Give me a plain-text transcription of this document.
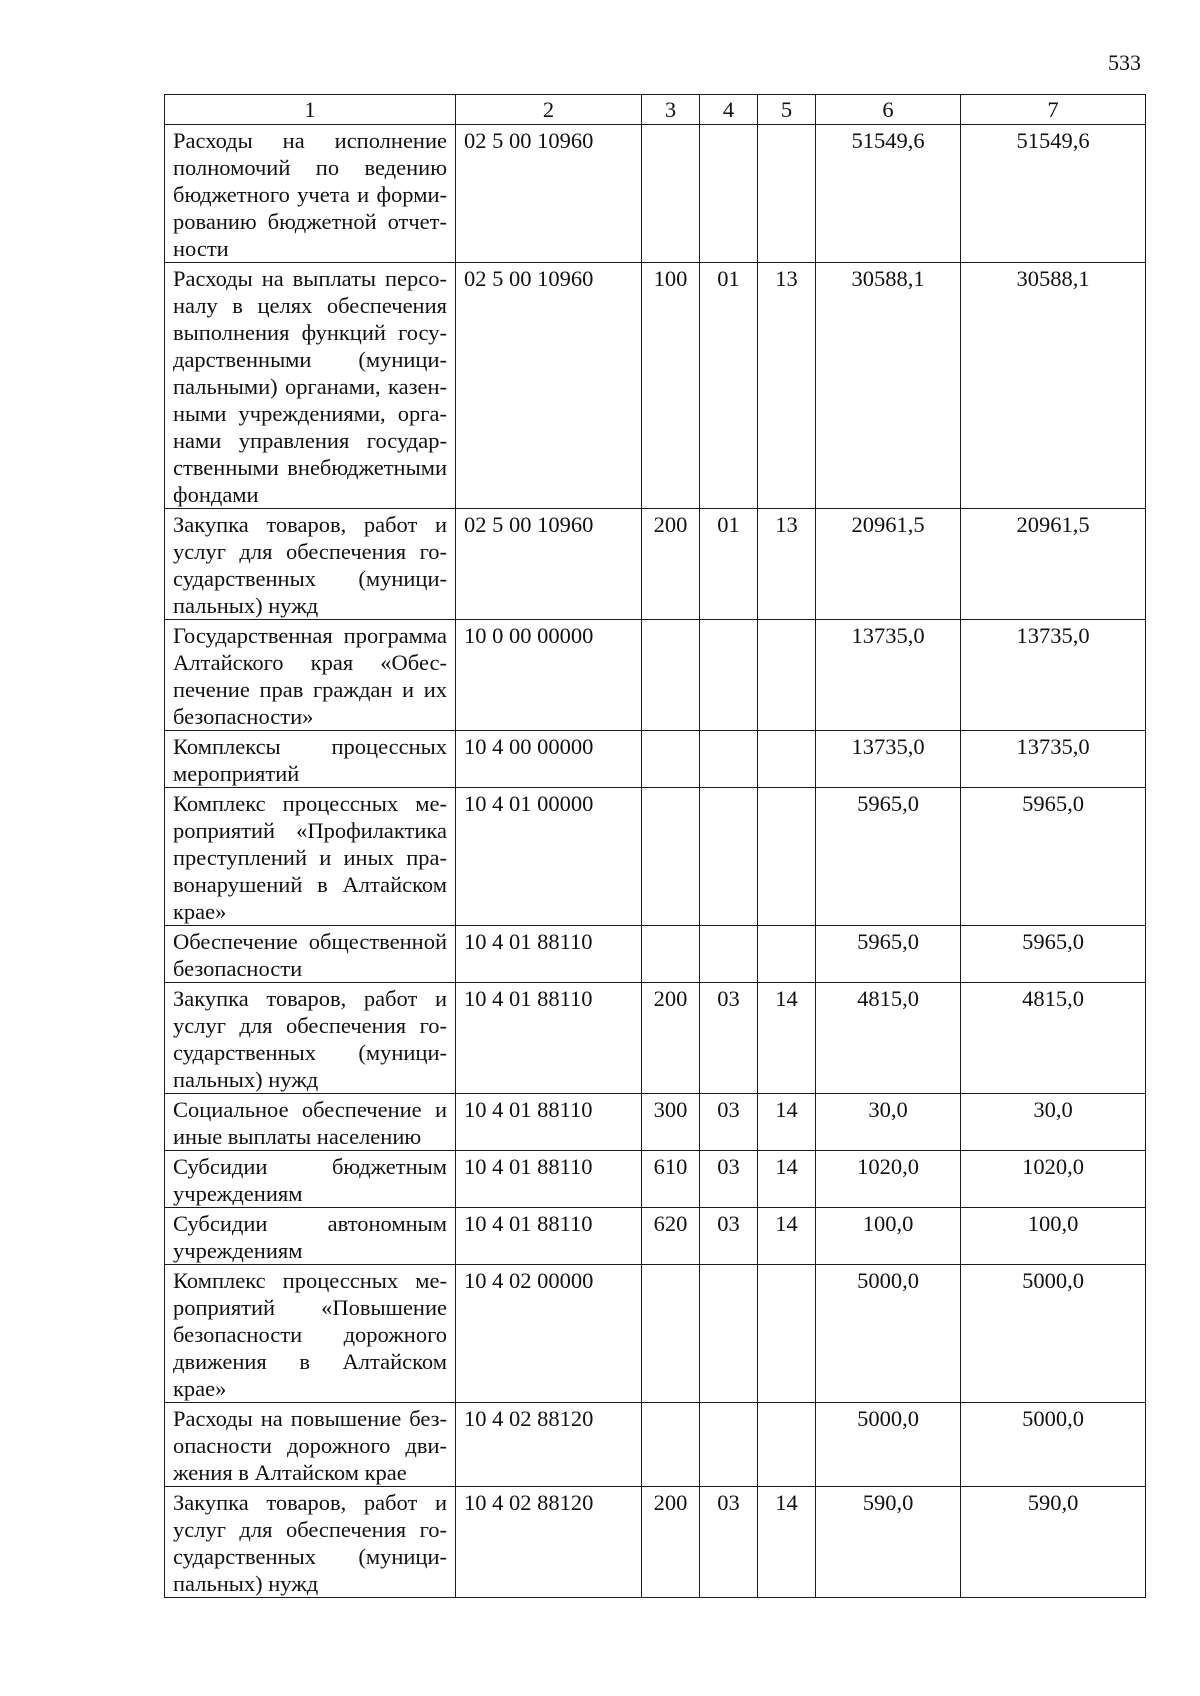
533
1	2	3	4	5	6	7
Расходы на исполнение полномочий по ведению бюджетного учета и формированию бюджетной отчетности	02 5 00 10960				51549,6	51549,6
Расходы на выплаты персоналу в целях обеспечения выполнения функций государственными (муниципальными) органами, казенными учреждениями, органами управления государственными внебюджетными фондами	02 5 00 10960	100	01	13	30588,1	30588,1
Закупка товаров, работ и услуг для обеспечения государственных (муниципальных) нужд	02 5 00 10960	200	01	13	20961,5	20961,5
Государственная программа Алтайского края «Обеспечение прав граждан и их безопасности»	10 0 00 00000				13735,0	13735,0
Комплексы процессных мероприятий	10 4 00 00000				13735,0	13735,0
Комплекс процессных мероприятий «Профилактика преступлений и иных правонарушений в Алтайском крае»	10 4 01 00000				5965,0	5965,0
Обеспечение общественной безопасности	10 4 01 88110				5965,0	5965,0
Закупка товаров, работ и услуг для обеспечения государственных (муниципальных) нужд	10 4 01 88110	200	03	14	4815,0	4815,0
Социальное обеспечение и иные выплаты населению	10 4 01 88110	300	03	14	30,0	30,0
Субсидии бюджетным учреждениям	10 4 01 88110	610	03	14	1020,0	1020,0
Субсидии автономным учреждениям	10 4 01 88110	620	03	14	100,0	100,0
Комплекс процессных мероприятий «Повышение безопасности дорожного движения в Алтайском крае»	10 4 02 00000				5000,0	5000,0
Расходы на повышение безопасности дорожного движения в Алтайском крае	10 4 02 88120				5000,0	5000,0
Закупка товаров, работ и услуг для обеспечения государственных (муниципальных) нужд	10 4 02 88120	200	03	14	590,0	590,0
